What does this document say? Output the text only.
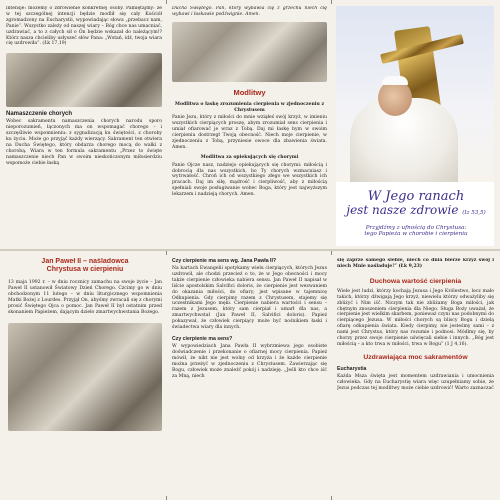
intensje: możemy o zdrowienie konkretnej osoby. Pamiętajmy: że w tej szczególnej intencji będzie modlił się cały Kościół zgromadzony na Eucharystii, wypowiadając słowa „przebacz nam, Panie”. Wszystko zależy od naszej wiary – Bóg chce nas umacniać, uzdrawiać, a to z całych sił o Ön będzie wskazał do należącym!? Którz nasza chcieliby usłyszeć słów Pana: „Wstań, idź, twoja wiara cię uzdrowiła”. (Łk 17,19)

Namaszczenie chorych

Wobec sakramentu namaszczenia chorych narodu sporo nieporozumień, łączonych ma on wspomagać chorego – i szczęśliwie wspomnieniu: z sygnalizacją ku świętości, z choroby ku życiu. Może go przyjąć każdy wierzący. Sakrament ten otwiera na Ducha Świętego, który obdarza chorego mocą do walki z chorobą. Wiara w ten formula sakramentu „Przez to święte namaszczenie niech Pan w swoim nieskończonym miłosierdziu wspomoże ciebie łaską

Ducha Świętego. Pan, który wybawia cię z grzechu niech cię wybawi i łaskawie podźwignie. Amen.

Modlitwy

Modlitwa o łaskę zrozumienia cierpienia w zjednoczeniu z Chrystusem

Panie Jezu, który z miłości do mnie wziąłeś swój krzyż, w imieniu wszystkich cierpiących proszę, abym zrozumiał sens cierpienia i umiał ofiarować je wraz z Tobą. Daj mi łaskę bym w swoim cierpieniu dostrzegł Twoją obecność. Niech moje cierpienie, w zjednoczeniu z Tobą, przyniesie owoce dla zbawienia świata. Amen.

Modlitwa za opiekujących się chorymi

Panie Ojcze nasz, nadziejo opiekujących się chorymi: miłością i dobrocią dla nas wszystkich, bo Ty chorych wzmacniasz i wytrwałość. Chroń ich od wszystkiego złego we wszystkich ich pracach. Daj im siłę, mądrość i cierpliwość, aby z miłością spełniali swoje posługiwanie wobec Boga, który jest najwyższym lekarzem i nadzieją chorych. Amen.	W Jego ranach
jest nasze zdrowie (Iz 53,5)
Przyjdźmy z ufnością do Chrystusa:
tego Papieża w chorobie i cierpieniu

Jan Paweł II – naśladowca

Chrystusa w cierpieniu

13 maja 1992 r. – w dniu rocznicy zamachu na swoje życie – Jan Paweł II ustanowił Światowy Dzień Chorego. Czcimy go w dniu obchodzonym 11 lutego – w dniu liturgicznego wspomnienia Matki Bożej z Lourdes. Przyjął On, abyśmy zwracali się z chorymi prosić Świętego Ojca o pomoc. Jan Paweł II był ostatnim przed skonaniem Papieżem, dającym dzieło zmartwychwstania Bożego.

Czy cierpienie ma sens wg. Jana Pawła II?

Na kartach Ewangelii spotykamy wielu cierpiących, których Jezus uzdrowił, ale chodzi przecież o to, że w Jego obecności i mocy także cierpienie człowieka nabiera sensu. Jan Paweł II napisał w liście apostolskim Salvifici doloris, że cierpienie jest wezwaniem do okazania miłości, do ofiary; jest wpisane w tajemnicę Odkupienia. Gdy cierpimy razem z Chrystusem, stajemy się uczestnikami Jego męki. Cierpienie nabiera wartości i sensu – razem z Jezusem, który sam cierpiał i umarł dla nas, a zmartwychwstał (Jan Paweł II, Salvifici doloris). Papież pokazywał, że człowiek cierpiący może być nośnikiem łaski i świadectwa wiary dla innych.

Czy cierpienie ma sens?

W wypowiedziach Jana Pawła II wybrzmiewa jego osobiste doświadczenie i przekonanie o ofiarnej mocy cierpienia. Papież mówił, że nikt nie jest wolny od krzyża i że każde cierpienie można przeżyć w zjednoczeniu z Chrystusem. Zawierzając się Bogu, człowiek może znaleźć pokój i nadzieję. „Jeśli kto chce iść za Mną, niech

się zaprze samego siebie, niech co dnia bierze krzyż swój i niech Mnie naśladuje!” (Łk 9,23)

Duchowa wartość cierpienia

Wiele jest ludzi, którzy kochają Jezusa i Jego Królestwo, lecz mało takich, którzy dźwigają Jego krzyż, niewielu którzy odważyliby się zbliżyć i Nim iść. Niczym tak nie zbliżamy Boga miłości, jak chętnym znoszeniem cierpienia dla Niego. Sługa Boży uważał, że cierpienie jest wielkim skarbem, ponieważ czyni nas podobnymi do cierpiącego Jezusa. W miłości chorych są bliscy Bogu i dzielą ofiarę odkupienia świata. Kiedy cierpimy, nie jesteśmy sami – z nami jest Chrystus, który nas rozumie i podnosi. Módlmy się, by chorzy przez swoje cierpienie uświęcali siebie i innych. „Bóg jest miłością – a kto trwa w miłości, trwa w Bogu” (1 J 4,16).

Uzdrawiająca moc sakramentów

Eucharystia

Każda Msza święta jest momentem uzdrawiania i umocnienia człowieka. Gdy na Eucharystię wiara więc uzupełniamy sobie, że Jezus podczas tej modlitwy może ciebie uzdrowić! Warto zaznaczać
